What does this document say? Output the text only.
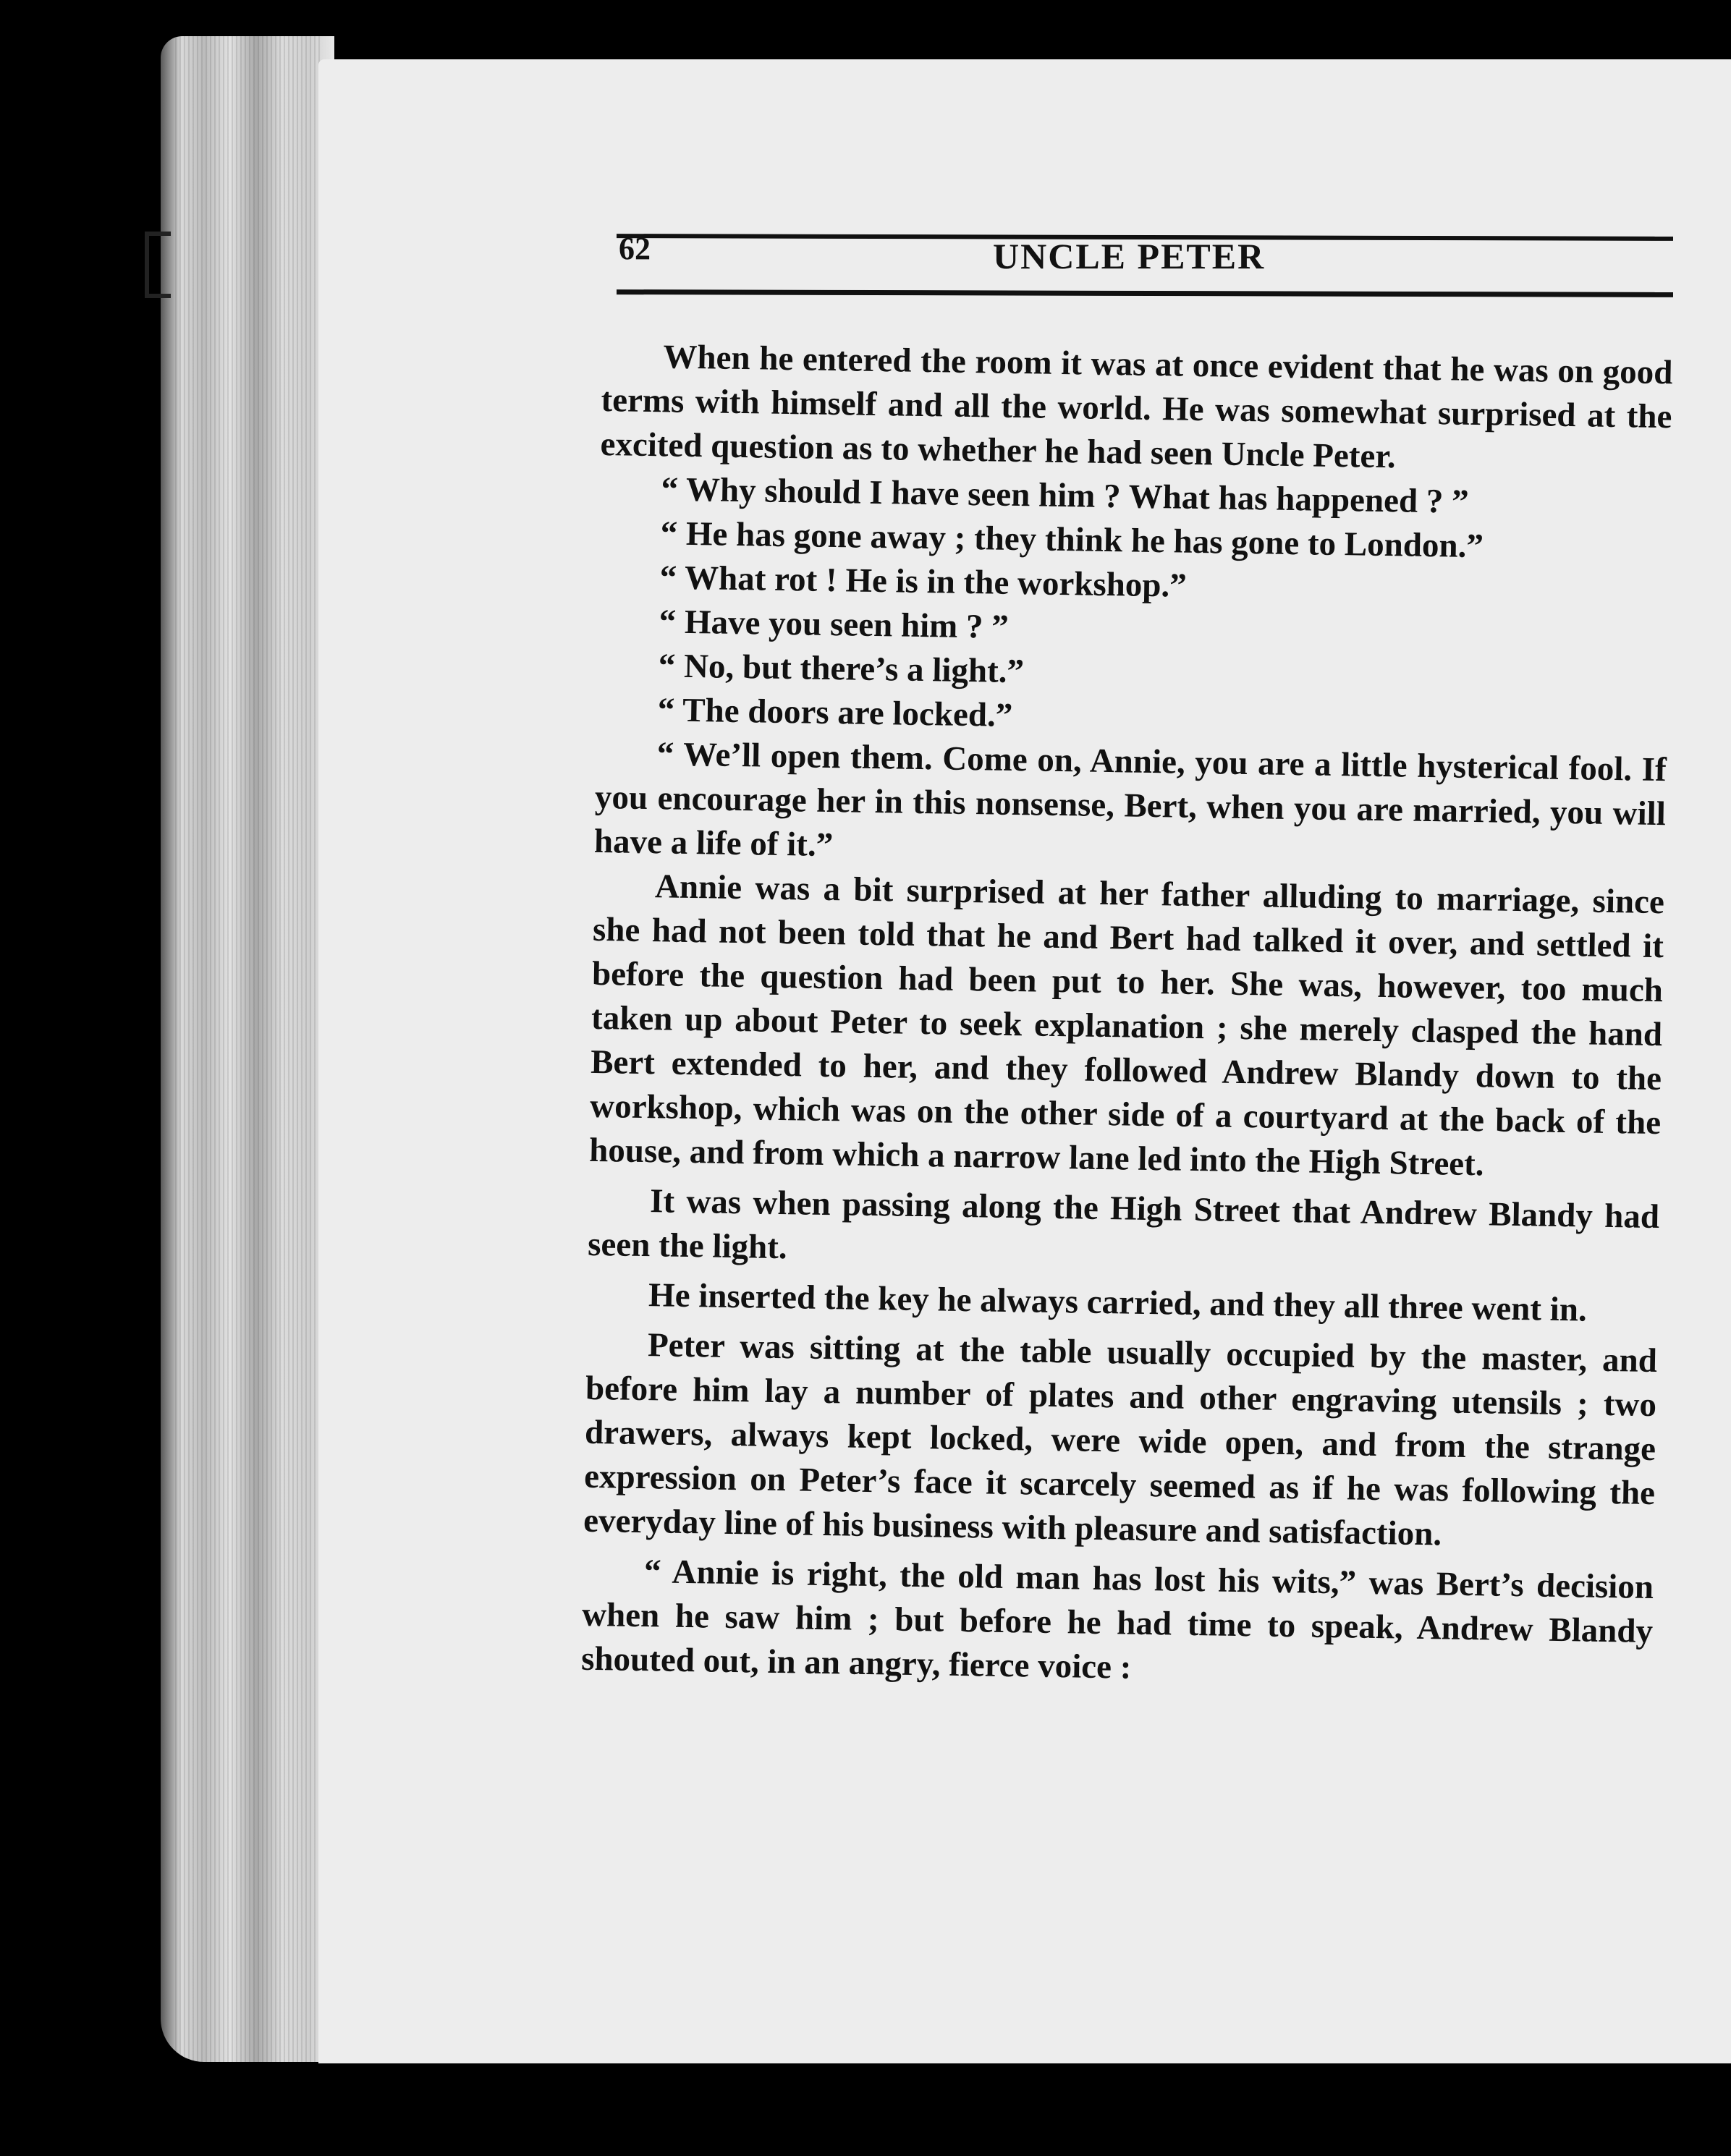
62	UNCLE PETER

When he entered the room it was at once evident that he was on good terms with himself and all the world. He was somewhat surprised at the excited question as to whether he had seen Uncle Peter.

“ Why should I have seen him ? What has happened ? ”

“ He has gone away ; they think he has gone to London.”

“ What rot ! He is in the workshop.”

“ Have you seen him ? ”

“ No, but there’s a light.”

“ The doors are locked.”

“ We’ll open them. Come on, Annie, you are a little hysterical fool. If you encourage her in this nonsense, Bert, when you are married, you will have a life of it.”

Annie was a bit surprised at her father alluding to marriage, since she had not been told that he and Bert had talked it over, and settled it before the question had been put to her. She was, however, too much taken up about Peter to seek explanation ; she merely clasped the hand Bert extended to her, and they followed Andrew Blandy down to the workshop, which was on the other side of a courtyard at the back of the house, and from which a narrow lane led into the High Street.

It was when passing along the High Street that Andrew Blandy had seen the light.

He inserted the key he always carried, and they all three went in.

Peter was sitting at the table usually occupied by the master, and before him lay a number of plates and other engraving utensils ; two drawers, always kept locked, were wide open, and from the strange expression on Peter’s face it scarcely seemed as if he was following the everyday line of his business with pleasure and satisfaction.

“ Annie is right, the old man has lost his wits,” was Bert’s decision when he saw him ; but before he had time to speak, Andrew Blandy shouted out, in an angry, fierce voice :
